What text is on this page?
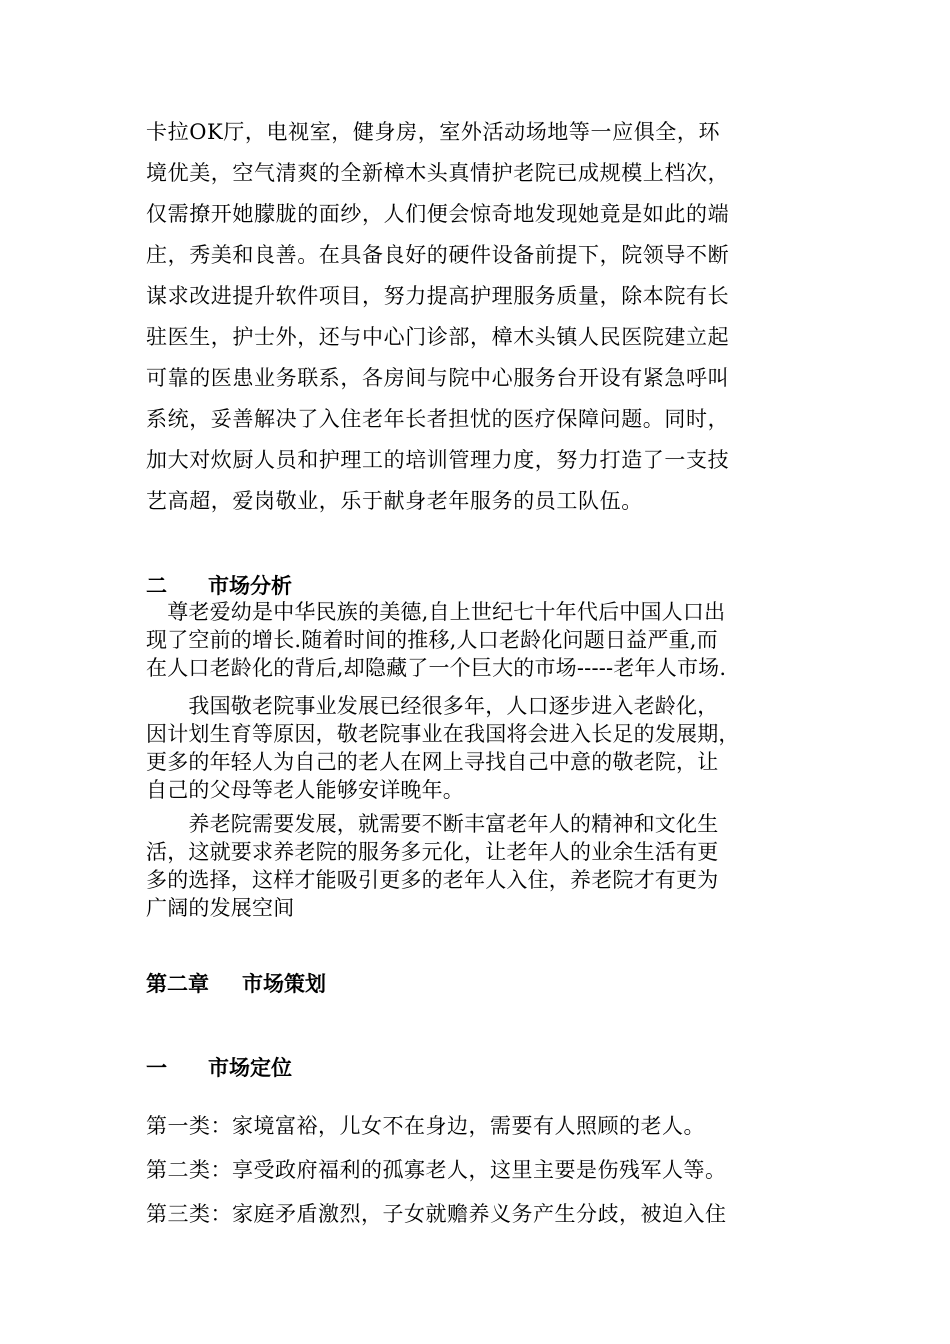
卡拉OK厅，电视室，健身房，室外活动场地等一应俱全，环
境优美，空气清爽的全新樟木头真情护老院已成规模上档次，
仅需撩开她朦胧的面纱，人们便会惊奇地发现她竟是如此的端
庄，秀美和良善。在具备良好的硬件设备前提下，院领导不断
谋求改进提升软件项目，努力提高护理服务质量，除本院有长
驻医生，护士外，还与中心门诊部，樟木头镇人民医院建立起
可靠的医患业务联系，各房间与院中心服务台开设有紧急呼叫
系统，妥善解决了入住老年长者担忧的医疗保障问题。同时，
加大对炊厨人员和护理工的培训管理力度，努力打造了一支技
艺高超，爱岗敬业，乐于献身老年服务的员工队伍。
二 市场分析
　尊老爱幼是中华民族的美德,自上世纪七十年代后中国人口出
现了空前的增长.随着时间的推移,人口老龄化问题日益严重,而
在人口老龄化的背后,却隐藏了一个巨大的市场-----老年人市场.
　　我国敬老院事业发展已经很多年，人口逐步进入老龄化，
因计划生育等原因，敬老院事业在我国将会进入长足的发展期，
更多的年轻人为自己的老人在网上寻找自己中意的敬老院，让
自己的父母等老人能够安详晚年。
　　养老院需要发展，就需要不断丰富老年人的精神和文化生
活，这就要求养老院的服务多元化，让老年人的业余生活有更
多的选择，这样才能吸引更多的老年人入住，养老院才有更为
广阔的发展空间
第二章 市场策划
一 市场定位
第一类：家境富裕，儿女不在身边，需要有人照顾的老人。
第二类：享受政府福利的孤寡老人，这里主要是伤残军人等。
第三类：家庭矛盾激烈，子女就赡养义务产生分歧，被迫入住
